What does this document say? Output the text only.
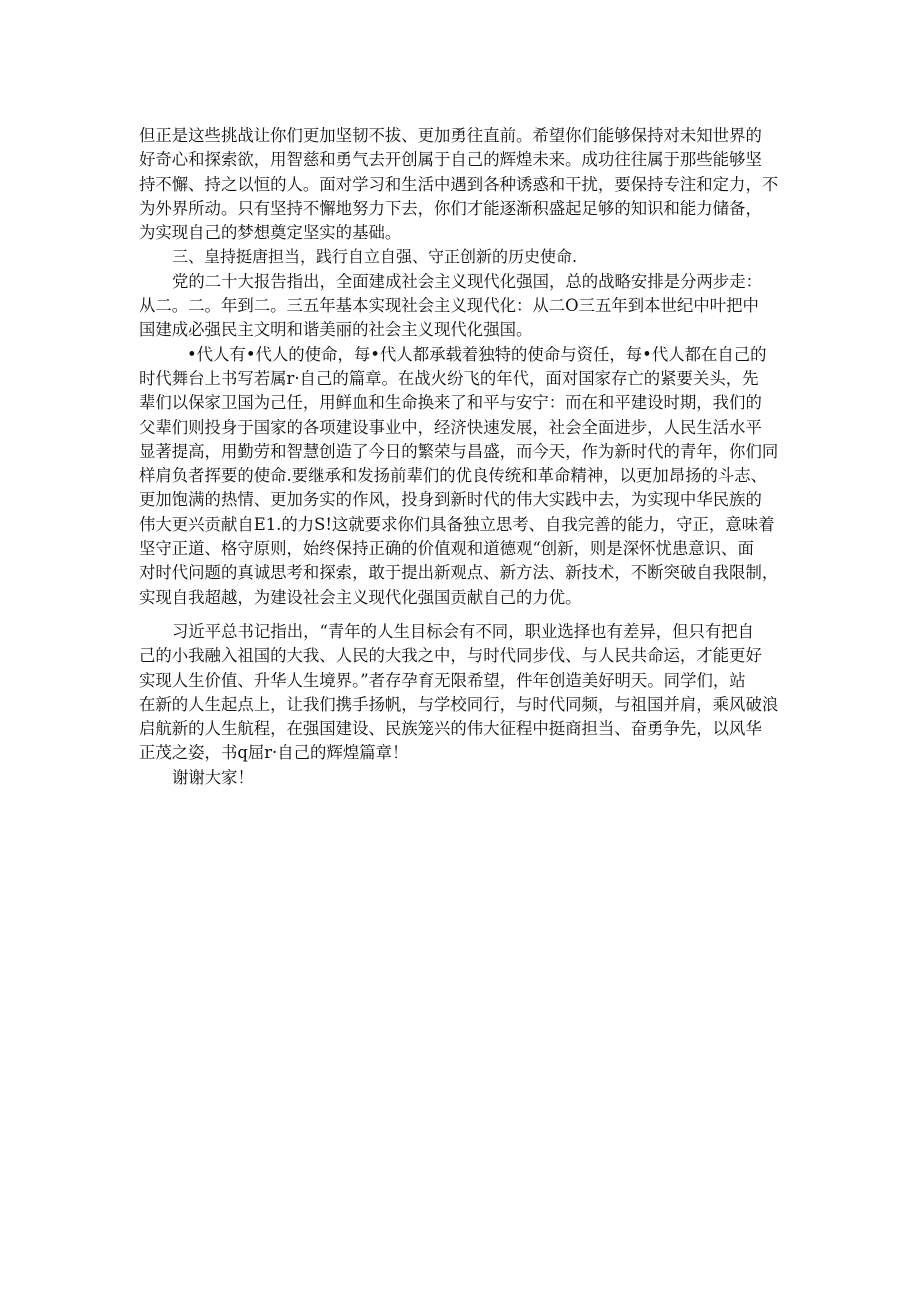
但正是这些挑战让你们更加坚韧不拔、更加勇往直前。希望你们能够保持对未知世界的
好奇心和探索欲，用智慈和勇气去开创属于自己的辉煌未来。成功往往属于那些能够坚
持不懈、持之以恒的人。面对学习和生活中遇到各种诱惑和干扰，要保持专注和定力，不
为外界所动。只有坚持不懈地努力下去，你们才能逐渐积盛起足够的知识和能力储备，
为实现自己的梦想奠定坚实的基础。
三、皇持挺唐担当，践行自立自强、守正创新的历史使命.
党的二十大报告指出，全面建成社会主义现代化强国，总的战略安排是分两步走：
从二。二。年到二。三五年基本实现社会主义现代化：从二O三五年到本世纪中叶把中
国建成必强民主文明和谐美丽的社会主义现代化强国。
•代人有•代人的使命，每•代人都承载着独特的使命与资任，每•代人都在自己的
时代舞台上书写若属r·自己的篇章。在战火纷飞的年代，面对国家存亡的紧要关头，先
辈们以保家卫国为己任，用鲜血和生命换来了和平与安宁：而在和平建设时期，我们的
父辈们则投身于国家的各项建设事业中，经济快速发展，社会全面进步，人民生活水平
显著提高，用勤劳和智慧创造了今日的繁荣与昌盛，而今天，作为新时代的青年，你们同
样肩负者挥要的使命.要继承和发扬前辈们的优良传统和革命精神，以更加昂扬的斗志、
更加饱满的热情、更加务实的作风，投身到新时代的伟大实践中去，为实现中华民族的
伟大更兴贡献自E1.的力S!这就要求你们具备独立思考、自我完善的能力，守正，意味着
坚守正道、格守原则，始终保持正确的价值观和道德观“创新，则是深怀忧患意识、面
对时代问题的真诚思考和探索，敢于提出新观点、新方法、新技术，不断突破自我限制，
实现自我超越，为建设社会主义现代化强国贡献自己的力优。
习近平总书记指出，“青年的人生目标会有不同，职业选择也有差异，但只有把自
己的小我融入祖国的大我、人民的大我之中，与时代同步伐、与人民共命运，才能更好
实现人生价值、升华人生境界。”者存孕育无限希望，件年创造美好明天。同学们，站
在新的人生起点上，让我们携手扬帆，与学校同行，与时代同频，与祖国并肩，乘风破浪
启航新的人生航程，在强国建设、民族笼兴的伟大征程中挺商担当、奋勇争先，以风华
正茂之姿，书q屈r·自己的辉煌篇章！
谢谢大家！
